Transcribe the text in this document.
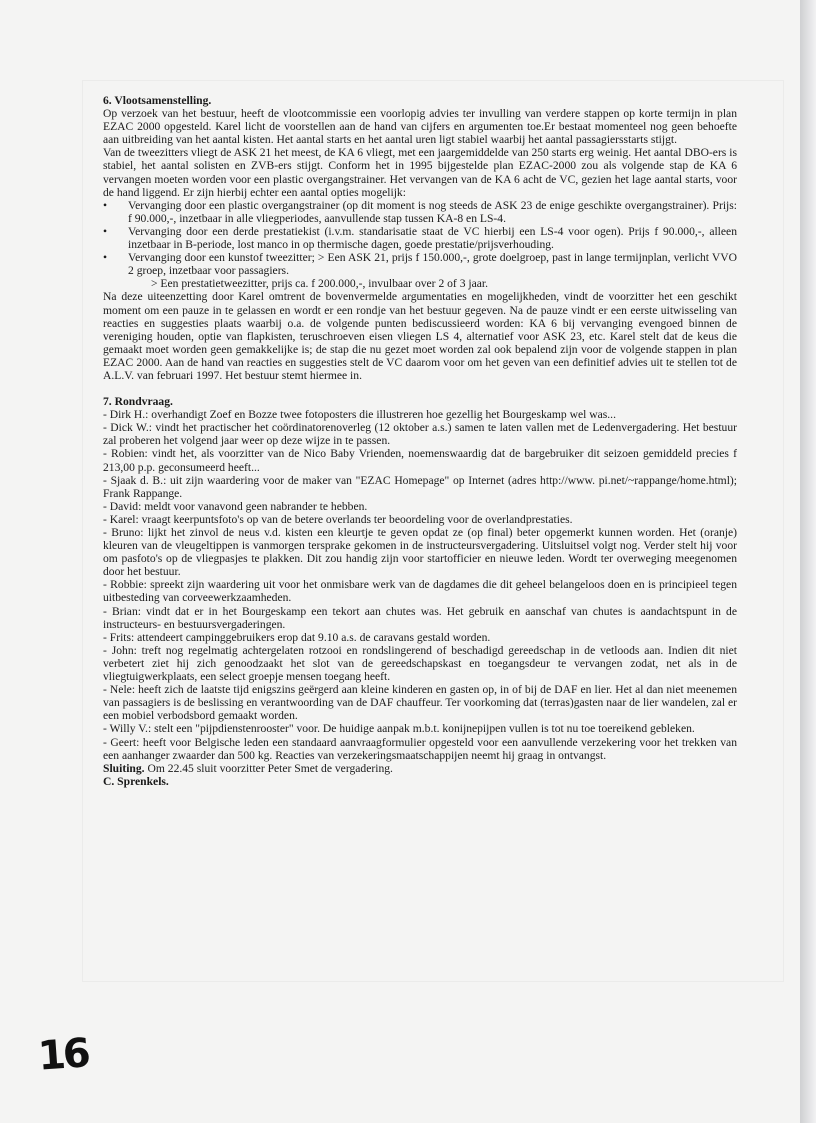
6. Vlootsamenstelling.

Op verzoek van het bestuur, heeft de vlootcommissie een voorlopig advies ter invulling van verdere stappen op korte termijn in plan EZAC 2000 opgesteld. Karel licht de voorstellen aan de hand van cijfers en argumenten toe.Er bestaat momenteel nog geen behoefte aan uitbreiding van het aantal kisten. Het aantal starts en het aantal uren ligt stabiel waarbij het aantal passagiersstarts stijgt.

Van de tweezitters vliegt de ASK 21 het meest, de KA 6 vliegt, met een jaargemiddelde van 250 starts erg weinig. Het aantal DBO-ers is stabiel, het aantal solisten en ZVB-ers stijgt. Conform het in 1995 bijgestelde plan EZAC-2000 zou als volgende stap de KA 6 vervangen moeten worden voor een plastic overgangstrainer. Het vervangen van de KA 6 acht de VC, gezien het lage aantal starts, voor de hand liggend. Er zijn hierbij echter een aantal opties mogelijk:

•	Vervanging door een plastic overgangstrainer (op dit moment is nog steeds de ASK 23 de enige geschikte overgangstrainer). Prijs: f 90.000,-, inzetbaar in alle vliegperiodes, aanvullende stap tussen KA-8 en LS-4.
•	Vervanging door een derde prestatiekist (i.v.m. standarisatie staat de VC hierbij een LS-4 voor ogen). Prijs f 90.000,-, alleen inzetbaar in B-periode, lost manco in op thermische dagen, goede prestatie/prijsverhouding.
•	Vervanging door een kunstof tweezitter; > Een ASK 21, prijs f 150.000,-, grote doelgroep, past in lange termijnplan, verlicht VVO 2 groep, inzetbaar voor passagiers.

> Een prestatietweezitter, prijs ca. f 200.000,-, invulbaar over 2 of 3 jaar.

Na deze uiteenzetting door Karel omtrent de bovenvermelde argumentaties en mogelijkheden, vindt de voorzitter het een geschikt moment om een pauze in te gelassen en wordt er een rondje van het bestuur gegeven. Na de pauze vindt er een eerste uitwisseling van reacties en suggesties plaats waarbij o.a. de volgende punten bediscussieerd worden: KA 6 bij vervanging evengoed binnen de vereniging houden, optie van flapkisten, teruschroeven eisen vliegen LS 4, alternatief voor ASK 23, etc. Karel stelt dat de keus die gemaakt moet worden geen gemakkelijke is; de stap die nu gezet moet worden zal ook bepalend zijn voor de volgende stappen in plan EZAC 2000. Aan de hand van reacties en suggesties stelt de VC daarom voor om het geven van een definitief advies uit te stellen tot de A.L.V. van februari 1997. Het bestuur stemt hiermee in.

7. Rondvraag.

- Dirk H.: overhandigt Zoef en Bozze twee fotoposters die illustreren hoe gezellig het Bourgeskamp wel was...

- Dick W.: vindt het practischer het coördinatorenoverleg (12 oktober a.s.) samen te laten vallen met de Ledenvergadering. Het bestuur zal proberen het volgend jaar weer op deze wijze in te passen.

- Robien: vindt het, als voorzitter van de Nico Baby Vrienden, noemenswaardig dat de bargebruiker dit seizoen gemiddeld precies f 213,00 p.p. geconsumeerd heeft...

- Sjaak d. B.: uit zijn waardering voor de maker van "EZAC Homepage" op Internet (adres http://www. pi.net/~rappange/home.html); Frank Rappange.

- David: meldt voor vanavond geen nabrander te hebben.

- Karel: vraagt keerpuntsfoto's op van de betere overlands ter beoordeling voor de overlandprestaties.

- Bruno: lijkt het zinvol de neus v.d. kisten een kleurtje te geven opdat ze (op final) beter opgemerkt kunnen worden. Het (oranje) kleuren van de vleugeltippen is vanmorgen tersprake gekomen in de instructeursvergadering. Uitsluitsel volgt nog. Verder stelt hij voor om pasfoto's op de vliegpasjes te plakken. Dit zou handig zijn voor startofficier en nieuwe leden. Wordt ter overweging meegenomen door het bestuur.

- Robbie: spreekt zijn waardering uit voor het onmisbare werk van de dagdames die dit geheel belangeloos doen en is principieel tegen uitbesteding van corveewerkzaamheden.

- Brian: vindt dat er in het Bourgeskamp een tekort aan chutes was. Het gebruik en aanschaf van chutes is aandachtspunt in de instructeurs- en bestuursvergaderingen.

- Frits: attendeert campinggebruikers erop dat 9.10 a.s. de caravans gestald worden.

- John: treft nog regelmatig achtergelaten rotzooi en rondslingerend of beschadigd gereedschap in de vetloods aan. Indien dit niet verbetert ziet hij zich genoodzaakt het slot van de gereedschapskast en toegangsdeur te vervangen zodat, net als in de vliegtuigwerkplaats, een select groepje mensen toegang heeft.

- Nele: heeft zich de laatste tijd enigszins geërgerd aan kleine kinderen en gasten op, in of bij de DAF en lier. Het al dan niet meenemen van passagiers is de beslissing en verantwoording van de DAF chauffeur. Ter voorkoming dat (terras)gasten naar de lier wandelen, zal er een mobiel verbodsbord gemaakt worden.

- Willy V.: stelt een "pijpdienstenrooster" voor. De huidige aanpak m.b.t. konijnepijpen vullen is tot nu toe toereikend gebleken.

- Geert: heeft voor Belgische leden een standaard aanvraagformulier opgesteld voor een aanvullende verzekering voor het trekken van een aanhanger zwaarder dan 500 kg. Reacties van verzekeringsmaatschappijen neemt hij graag in ontvangst.

Sluiting. Om 22.45 sluit voorzitter Peter Smet de vergadering.

C. Sprenkels.

16
